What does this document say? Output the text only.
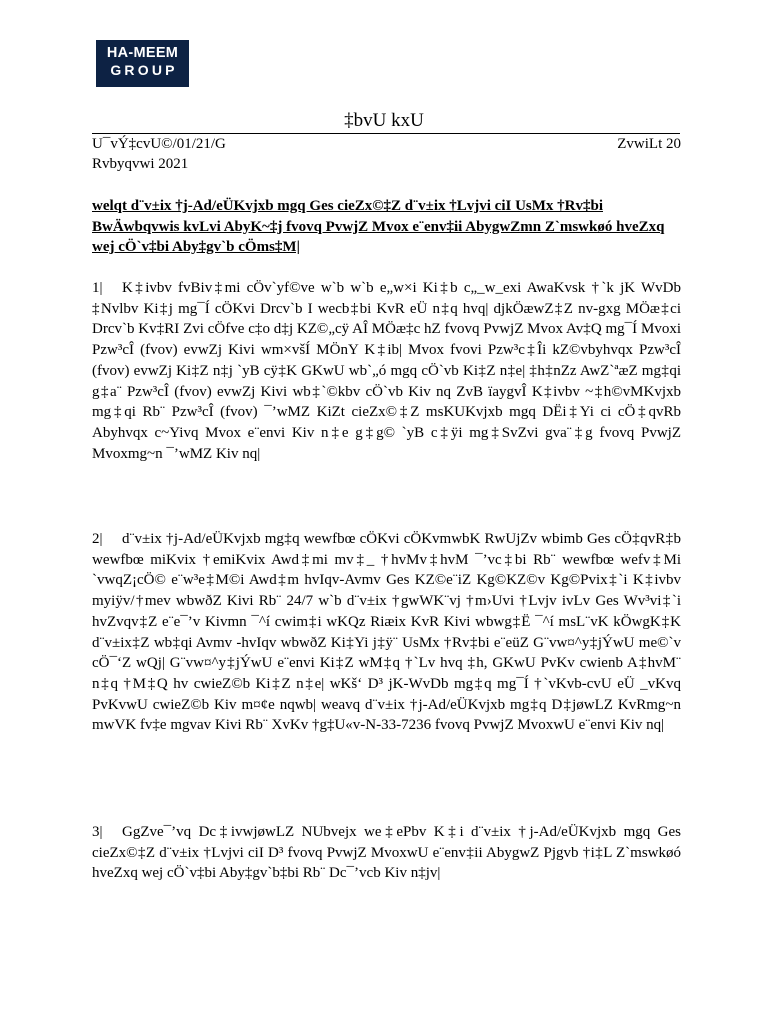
HA-MEEM
GROUP
‡bvU kxU
U¯vÝ‡cvU©/01/21/G	ZvwiLt 20
Rvbyqvwi 2021
welqt d¨v±ix †j-Ad/eÜKvjxb mgq Ges cieZx©‡Z d¨v±ix †Lvjvi ciI UsMx †Rv‡bi BwÄwbqvwis kvLvi AbyK~‡j fvovq PvwjZ Mvox e¨env‡ii AbygwZmn Z`mswkøó hveZxq wej cÖ`v‡bi Aby‡gv`b cÖms‡M|
1| K‡ivbv fvBiv‡mi cÖv`yf©ve w`b w`b e„w×i Ki‡b c„_w_exi AwaKvsk †`k jK WvDb ‡Nvlbv Ki‡j mg¯Í cÖKvi Drcv`b I wecb‡bi KvR eÜ n‡q hvq| djkÖæwZ‡Z nv-gxg MÖæ‡ci Drcv`b Kv‡RI Zvi cÖfve c‡o d‡j KZ©„cÿ AÎ MÖæ‡c hZ fvovq PvwjZ Mvox Av‡Q mg¯Í Mvoxi Pzw³cÎ (fvov) evwZj Kivi wm×všÍ MÖnY K‡ib| Mvox fvovi Pzw³c‡Îi kZ©vbyhvqx Pzw³cÎ (fvov) evwZj Ki‡Z n‡j `yB cÿ‡K GKwU wb`„ó mgq cÖ`vb Ki‡Z n‡e| ‡h‡nZz AwZ`ªæZ mg‡qi g‡a¨ Pzw³cÎ (fvov) evwZj Kivi wb‡`©kbv cÖ`vb Kiv nq ZvB ïaygvÎ K‡ivbv ~‡h©vMKvjxb mg‡qi Rb¨ Pzw³cÎ (fvov) ¯’wMZ KiZt cieZx©‡Z msKUKvjxb mgq DËi‡Yi ci cÖ‡qvRb Abyhvqx c~Yivq Mvox e¨envi Kiv n‡e g‡g© `yB c‡ÿi mg‡SvZvi gva¨‡g fvovq PvwjZ Mvoxmg~n ¯’wMZ Kiv nq|
2| d¨v±ix †j-Ad/eÜKvjxb mg‡q wewfbœ cÖKvi cÖKvmwbK RwUjZv wbimb Ges cÖ‡qvR‡b wewfbœ miKvix †emiKvix Awd‡mi mv‡_ †hvMv‡hvM ¯’vc‡bi Rb¨ wewfbœ wefv‡Mi `vwqZ¡cÖ© e¨w³e‡M©i Awd‡m hvIqv-Avmv Ges KZ©e¨iZ Kg©KZ©v Kg©Pvix‡`i K‡ivbv myiÿv/†mev wbwðZ Kivi Rb¨ 24/7 w`b d¨v±ix †gwWK¨vj †m›Uvi †Lvjv ivLv Ges Wv³vi‡`i hvZvqv‡Z e¨e¯’v Kivmn ¯^í cwim‡i wKQz Riæix KvR Kivi wbwg‡Ë ¯^í msL¨vK kÖwgK‡K d¨v±ix‡Z wb‡qi Avmv -hvIqv wbwðZ Ki‡Yi j‡ÿ¨ UsMx †Rv‡bi e¨eüZ G¨vw¤^y‡jÝwU me©`v cÖ¯‘Z wQj| G¨vw¤^y‡jÝwU e¨envi Ki‡Z wM‡q †`Lv hvq ‡h, GKwU PvKv cwienb A‡hvM¨ n‡q †M‡Q hv cwieZ©b Ki‡Z n‡e| wKš‘ D³ jK-WvDb mg‡q mg¯Í †`vKvb-cvU eÜ _vKvq PvKvwU cwieZ©b Kiv m¤¢e nqwb| weavq d¨v±ix †j-Ad/eÜKvjxb mg‡q D‡jøwLZ KvRmg~n mwVK fv‡e mgvav Kivi Rb¨ XvKv †g‡U«v-N-33-7236 fvovq PvwjZ MvoxwU e¨envi Kiv nq|
3| GgZve¯’vq Dc‡ivwjøwLZ NUbvejx we‡ePbv K‡i d¨v±ix †j-Ad/eÜKvjxb mgq Ges cieZx©‡Z d¨v±ix †Lvjvi ciI D³ fvovq PvwjZ MvoxwU e¨env‡ii AbygwZ Pjgvb †i‡L Z`mswkøó hveZxq wej cÖ`v‡bi Aby‡gv`b‡bi Rb¨ Dc¯’vcb Kiv n‡jv|
